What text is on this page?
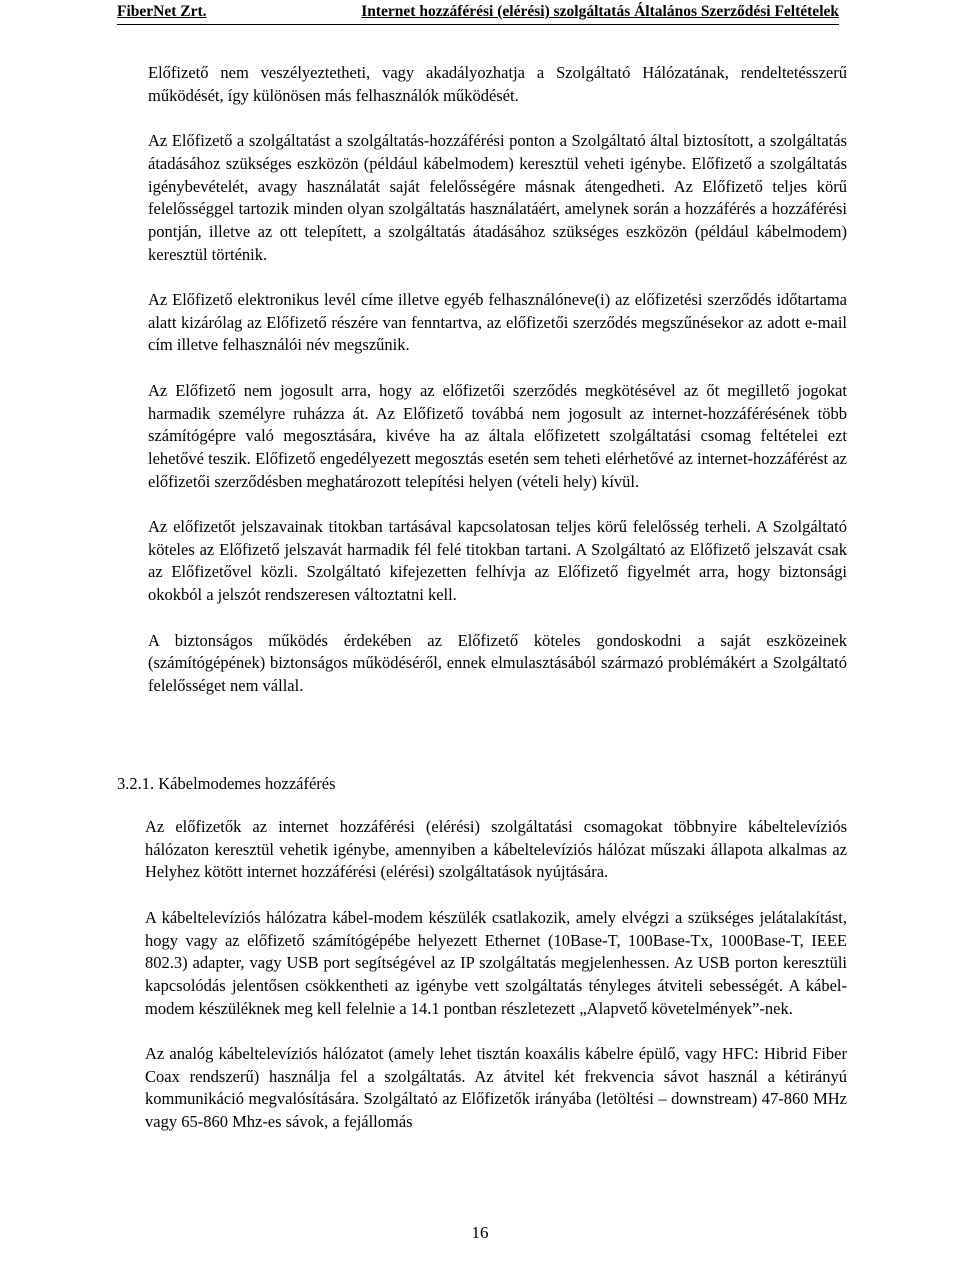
FiberNet Zrt.	Internet hozzáférési (elérési) szolgáltatás Általános Szerződési Feltételek

Előfizető nem veszélyeztetheti, vagy akadályozhatja a Szolgáltató Hálózatának, rendeltetésszerű működését, így különösen más felhasználók működését.

Az Előfizető a szolgáltatást a szolgáltatás-hozzáférési ponton a Szolgáltató által biztosított, a szolgáltatás átadásához szükséges eszközön (például kábelmodem) keresztül veheti igénybe. Előfizető a szolgáltatás igénybevételét, avagy használatát saját felelősségére másnak átengedheti. Az Előfizető teljes körű felelősséggel tartozik minden olyan szolgáltatás használatáért, amelynek során a hozzáférés a hozzáférési pontján, illetve az ott telepített, a szolgáltatás átadásához szükséges eszközön (például kábelmodem) keresztül történik.

Az Előfizető elektronikus levél címe illetve egyéb felhasználóneve(i) az előfizetési szerződés időtartama alatt kizárólag az Előfizető részére van fenntartva, az előfizetői szerződés megszűnésekor az adott e-mail cím illetve felhasználói név megszűnik.

Az Előfizető nem jogosult arra, hogy az előfizetői szerződés megkötésével az őt megillető jogokat harmadik személyre ruházza át. Az Előfizető továbbá nem jogosult az internet-hozzáférésének több számítógépre való megosztására, kivéve ha az általa előfizetett szolgáltatási csomag feltételei ezt lehetővé teszik. Előfizető engedélyezett megosztás esetén sem teheti elérhetővé az internet-hozzáférést az előfizetői szerződésben meghatározott telepítési helyen (vételi hely) kívül.

Az előfizetőt jelszavainak titokban tartásával kapcsolatosan teljes körű felelősség terheli. A Szolgáltató köteles az Előfizető jelszavát harmadik fél felé titokban tartani. A Szolgáltató az Előfizető jelszavát csak az Előfizetővel közli. Szolgáltató kifejezetten felhívja az Előfizető figyelmét arra, hogy biztonsági okokból a jelszót rendszeresen változtatni kell.

A biztonságos működés érdekében az Előfizető köteles gondoskodni a saját eszközeinek (számítógépének) biztonságos működéséről, ennek elmulasztásából származó problémákért a Szolgáltató felelősséget nem vállal.

3.2.1. Kábelmodemes hozzáférés

Az előfizetők az internet hozzáférési (elérési) szolgáltatási csomagokat többnyire kábeltelevíziós hálózaton keresztül vehetik igénybe, amennyiben a kábeltelevíziós hálózat műszaki állapota alkalmas az Helyhez kötött internet hozzáférési (elérési) szolgáltatások nyújtására.

A kábeltelevíziós hálózatra kábel-modem készülék csatlakozik, amely elvégzi a szükséges jelátalakítást, hogy vagy az előfizető számítógépébe helyezett Ethernet (10Base-T, 100Base-Tx, 1000Base-T, IEEE 802.3) adapter, vagy USB port segítségével az IP szolgáltatás megjelenhessen. Az USB porton keresztüli kapcsolódás jelentősen csökkentheti az igénybe vett szolgáltatás tényleges átviteli sebességét. A kábel-modem készüléknek meg kell felelnie a 14.1 pontban részletezett „Alapvető követelmények”-nek.

Az analóg kábeltelevíziós hálózatot (amely lehet tisztán koaxális kábelre épülő, vagy HFC: Hibrid Fiber Coax rendszerű) használja fel a szolgáltatás. Az átvitel két frekvencia sávot használ a kétirányú kommunikáció megvalósítására. Szolgáltató az Előfizetők irányába (letöltési – downstream) 47-860 MHz vagy 65-860 Mhz-es sávok, a fejállomás

16
